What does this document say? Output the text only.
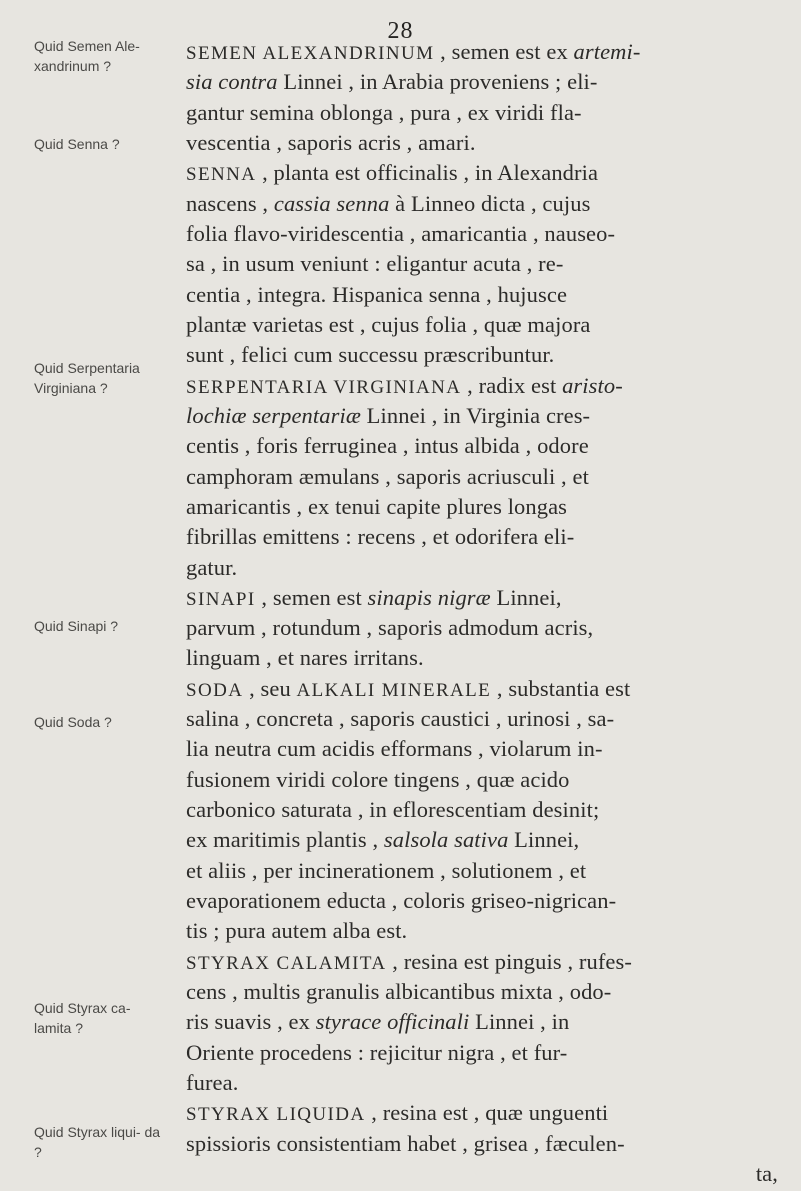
28
Quid Semen Ale- xandrinum ?
Quid Senna ?
Quid Serpentaria Virginiana ?
Quid Sinapi ?
Quid Soda ?
Quid Styrax ca- lamita ?
Quid Styrax liqui- da ?
SEMEN ALEXANDRINUM , semen est ex artemi-
sia contra Linnei , in Arabia proveniens ; eli-
gantur semina oblonga , pura , ex viridi fla-
vescentia , saporis acris , amari.
SENNA , planta est officinalis , in Alexandria
nascens , cassia senna à Linneo dicta , cujus
folia flavo-viridescentia , amaricantia , nauseo-
sa , in usum veniunt : eligantur acuta , re-
centia , integra. Hispanica senna , hujusce
plantæ varietas est , cujus folia , quæ majora
sunt , felici cum successu præscribuntur.
SERPENTARIA VIRGINIANA , radix est aristo-
lochiæ serpentariæ Linnei , in Virginia cres-
centis , foris ferruginea , intus albida , odore
camphoram æmulans , saporis acriusculi , et
amaricantis , ex tenui capite plures longas
fibrillas emittens : recens , et odorifera eli-
gatur.
SINAPI , semen est sinapis nigræ Linnei,
parvum , rotundum , saporis admodum acris,
linguam , et nares irritans.
SODA , seu ALKALI MINERALE , substantia est
salina , concreta , saporis caustici , urinosi , sa-
lia neutra cum acidis efformans , violarum in-
fusionem viridi colore tingens , quæ acido
carbonico saturata , in eflorescentiam desinit;
ex maritimis plantis , salsola sativa Linnei,
et aliis , per incinerationem , solutionem , et
evaporationem educta , coloris griseo-nigrican-
tis ; pura autem alba est.
STYRAX CALAMITA , resina est pinguis , rufes-
cens , multis granulis albicantibus mixta , odo-
ris suavis , ex styrace officinali Linnei , in
Oriente procedens : rejicitur nigra , et fur-
furea.
STYRAX LIQUIDA , resina est , quæ unguenti
spissioris consistentiam habet , grisea , fæculen-
ta,
